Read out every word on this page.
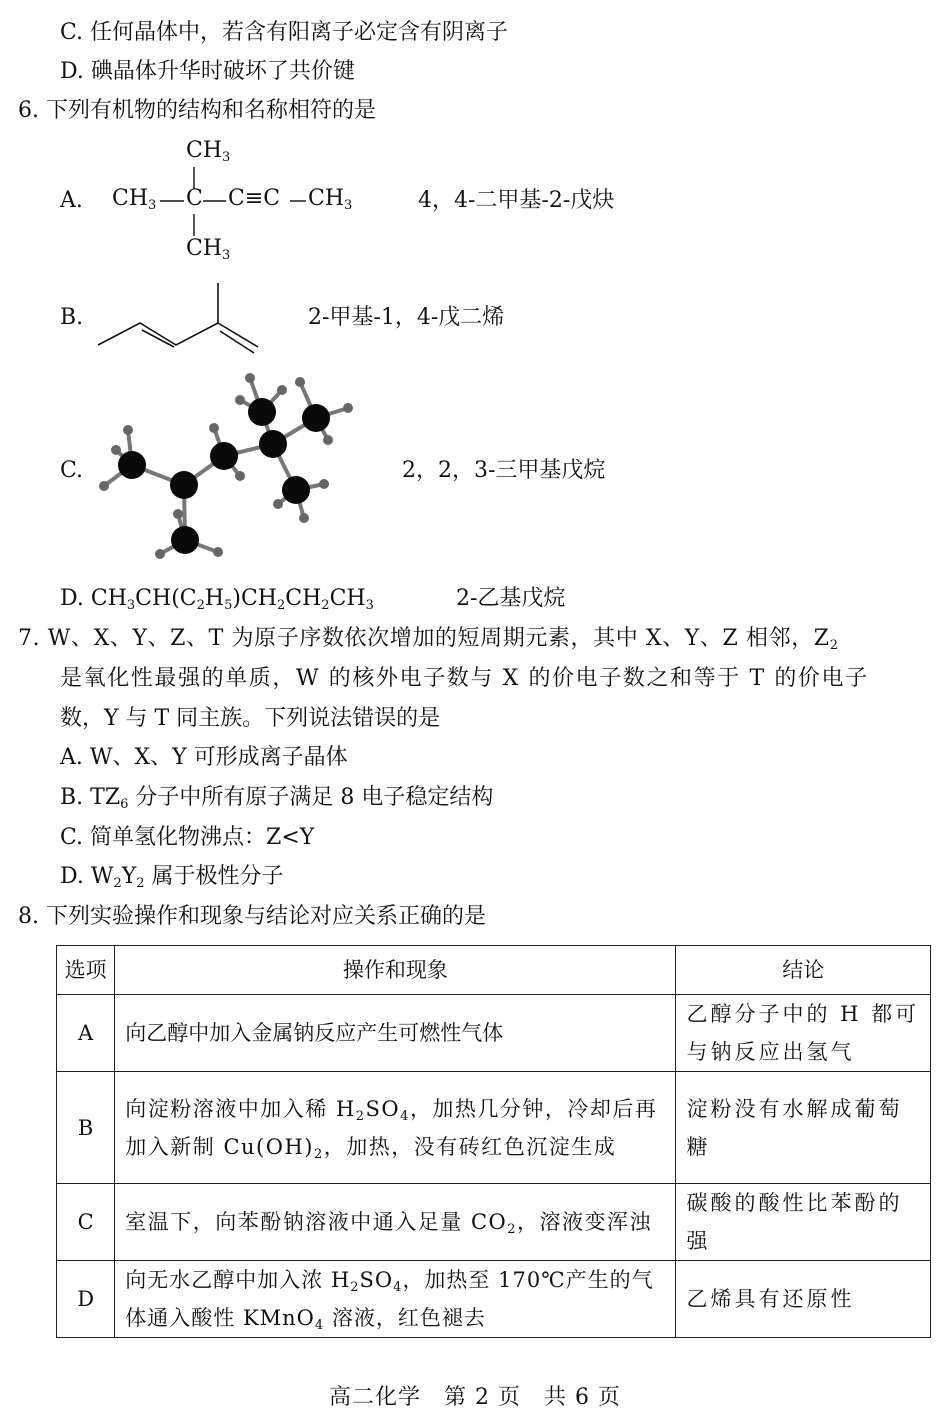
C. 任何晶体中，若含有阳离子必定含有阴离子
D. 碘晶体升华时破坏了共价键
6. 下列有机物的结构和名称相符的是
A.
$CH_3$
$CH_3$
$CH_3$ C C≡C $CH_3$	4，4-二甲基-2-戊炔
B.	2-甲基-1，4-戊二烯
C.	2，2，3-三甲基戊烷
D. $CH_3CH(C_2H_5)CH_2CH_2CH_3$	2-乙基戊烷
7. W、X、Y、Z、T 为原子序数依次增加的短周期元素，其中 X、Y、Z 相邻，$Z_2$
是氧化性最强的单质，W 的核外电子数与 X 的价电子数之和等于 T 的价电子
数，Y 与 T 同主族。下列说法错误的是
A. W、X、Y 可形成离子晶体
B. $TZ_6$ 分子中所有原子满足 8 电子稳定结构
C. 简单氢化物沸点：Z<Y
D. $W_2Y_2$ 属于极性分子
8. 下列实验操作和现象与结论对应关系正确的是
选项	操作和现象	结论
A	向乙醇中加入金属钠反应产生可燃性气体	乙醇分子中的 H 都可与钠反应出氢气
B	向淀粉溶液中加入稀 $H_2SO_4$，加热几分钟，冷却后再加入新制 $Cu(OH)_2$，加热，没有砖红色沉淀生成	淀粉没有水解成葡萄糖
C	室温下，向苯酚钠溶液中通入足量 $CO_2$，溶液变浑浊	碳酸的酸性比苯酚的强
D	向无水乙醇中加入浓 $H_2SO_4$，加热至 170℃产生的气体通入酸性 KMnO$_4$ 溶液，红色褪去	乙烯具有还原性
高二化学　第 2 页　共 6 页
